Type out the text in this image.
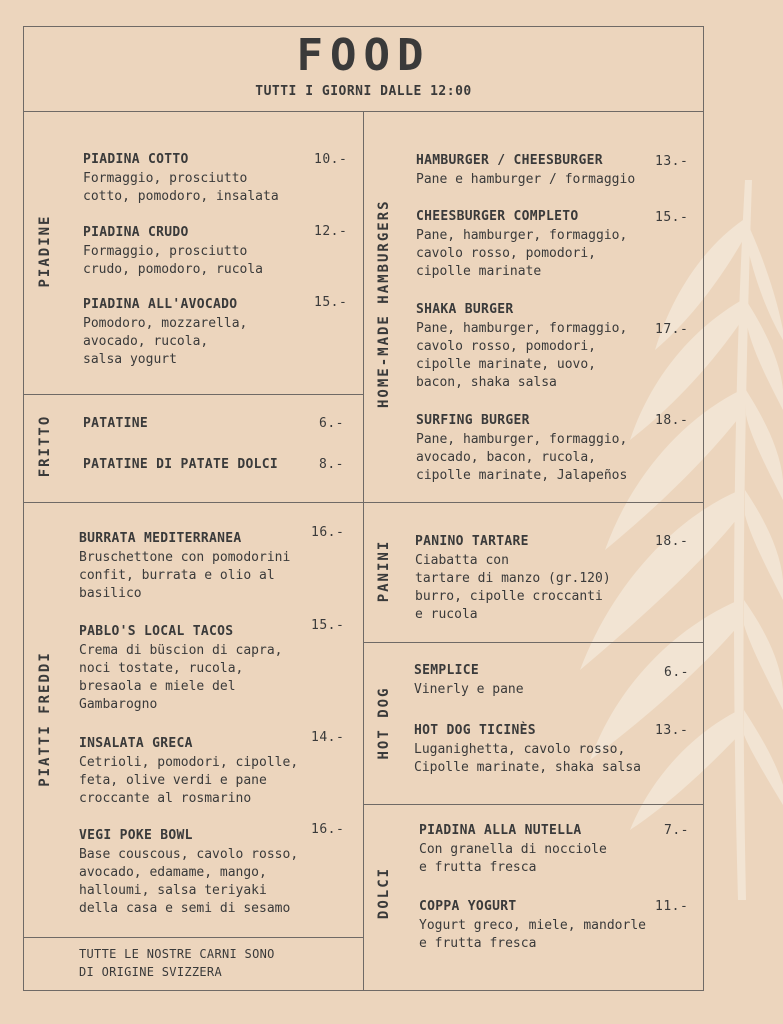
FOOD
TUTTI I GIORNI DALLE 12:00
PIADINE
FRITTO
PIATTI FREDDI
HOME-MADE HAMBURGERS
PANINI
HOT DOG
DOLCI
PIADINA COTTO
Formaggio, prosciutto
cotto, pomodoro, insalata
10.-
PIADINA CRUDO
Formaggio, prosciutto
crudo, pomodoro, rucola
12.-
PIADINA ALL'AVOCADO
Pomodoro, mozzarella,
avocado, rucola,
salsa yogurt
15.-
PATATINE	6.-
PATATINE DI PATATE DOLCI	8.-
BURRATA MEDITERRANEA
Bruschettone con pomodorini
confit, burrata e olio al
basilico
16.-
PABLO'S LOCAL TACOS
Crema di büscion di capra,
noci tostate, rucola,
bresaola e miele del
Gambarogno
15.-
INSALATA GRECA
Cetrioli, pomodori, cipolle,
feta, olive verdi e pane
croccante al rosmarino
14.-
VEGI POKE BOWL
Base couscous, cavolo rosso,
avocado, edamame, mango,
halloumi, salsa teriyaki
della casa e semi di sesamo
16.-
TUTTE LE NOSTRE CARNI SONO
DI ORIGINE SVIZZERA
HAMBURGER / CHEESBURGER
Pane e hamburger / formaggio
13.-
CHEESBURGER COMPLETO
Pane, hamburger, formaggio,
cavolo rosso, pomodori,
cipolle marinate
15.-
SHAKA BURGER
Pane, hamburger, formaggio,
cavolo rosso, pomodori,
cipolle marinate, uovo,
bacon, shaka salsa
17.-
SURFING BURGER
Pane, hamburger, formaggio,
avocado, bacon, rucola,
cipolle marinate, Jalapeños
18.-
PANINO TARTARE
Ciabatta con
tartare di manzo (gr.120)
burro, cipolle croccanti
e rucola
18.-
SEMPLICE
Vinerly e pane
6.-
HOT DOG TICINÈS
Luganighetta, cavolo rosso,
Cipolle marinate, shaka salsa
13.-
PIADINA ALLA NUTELLA
Con granella di nocciole
e frutta fresca
7.-
COPPA YOGURT
Yogurt greco, miele, mandorle
e frutta fresca
11.-
